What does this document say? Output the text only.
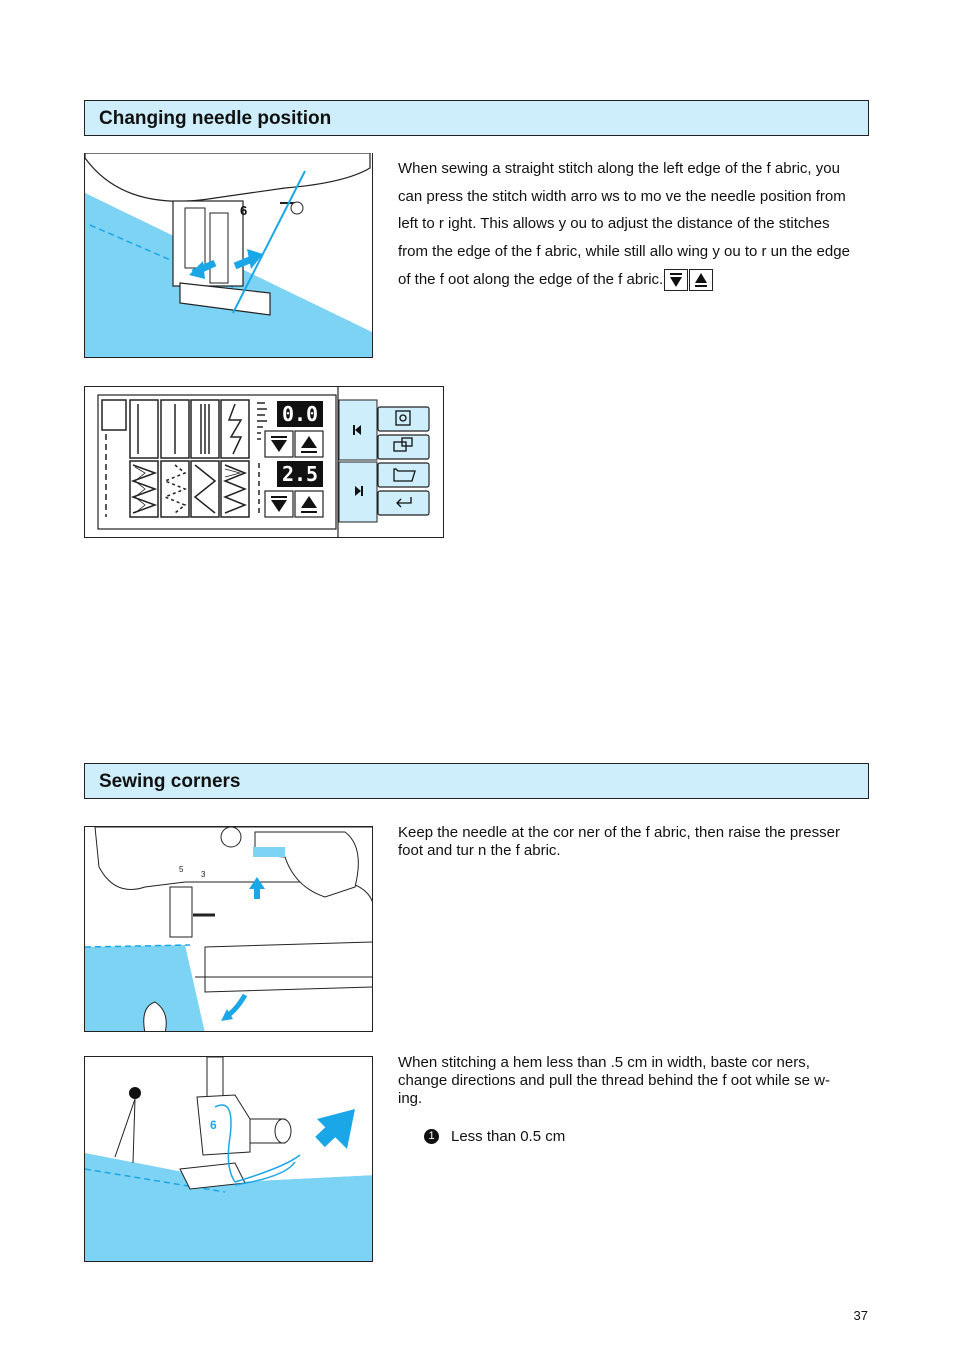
Changing needle position
6
When sewing a straight stitch along the left edge of the f abric, you
can press the stitch width arro ws to mo ve the needle position from
left to r ight. This allows y ou to adjust the distance of the stitches
from the edge of the f abric, while still allo wing y ou to r un the edge
of the f oot along the edge of the f abric.
0.0
2.5
Sewing corners
5
3
Keep the needle at the cor ner of the f abric, then raise the presser
foot and tur n the f abric.
6
When stitching a hem less than .5 cm in width, baste cor ners,
change directions and pull the thread behind the f oot while se w-
ing.
1 Less than 0.5 cm
37
